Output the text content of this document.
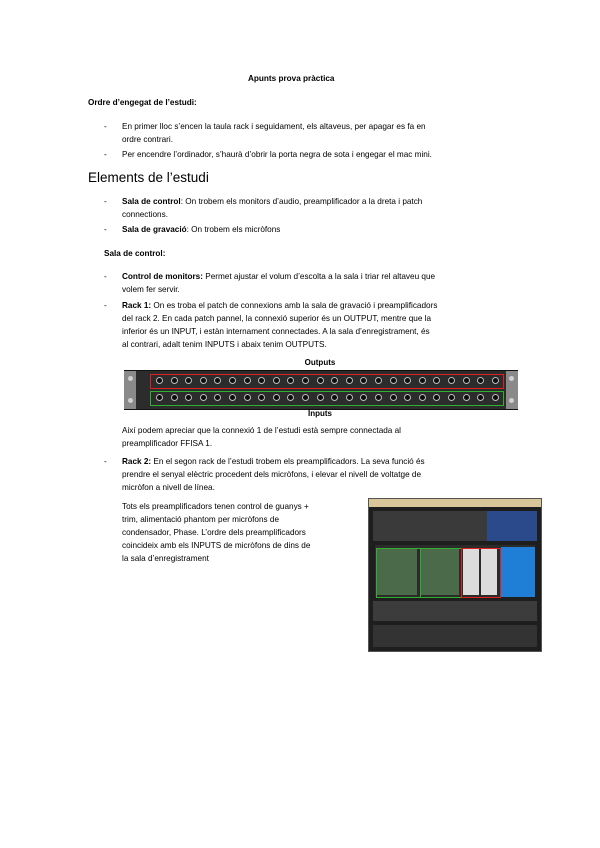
Apunts prova pràctica
Ordre d’engegat de l’estudi:
- En primer lloc s’encen la taula rack i seguidament, els altaveus, per apagar es fa en
ordre contrari.
- Per encendre l’ordinador, s’haurà d’obrir la porta negra de sota i engegar el mac mini.
Elements de l’estudi
- Sala de control: On trobem els monitors d’audio, preamplificador a la dreta i patch
connections.
- Sala de gravació: On trobem els micròfons
Sala de control:
- Control de monitors: Permet ajustar el volum d’escolta a la sala i triar rel altaveu que
volem fer servir.
- Rack 1: On es troba el patch de connexions amb la sala de gravació i preamplificadors
del rack 2. En cada patch pannel, la connexió superior és un OUTPUT, mentre que la
inferior és un INPUT, i estàn internament connectades. A la sala d’enregistrament, és
al contrari, adalt tenim INPUTS i abaix tenim OUTPUTS.
Outputs
Inputs
Així podem apreciar que la connexió 1 de l’estudi està sempre connectada al
preamplificador FFISA 1.
- Rack 2: En el segon rack de l’estudi trobem els preamplificadors. La seva funció és
prendre el senyal elèctric procedent dels micròfons, i elevar el nivell de voltatge de
micròfon a nivell de línea.
Tots els preamplificadors tenen control de guanys +
trim, alimentació phantom per micròfons de
condensador, Phase. L’ordre dels preamplificadors
coincideix amb els INPUTS de micròfons de dins de
la sala d’enregistrament
